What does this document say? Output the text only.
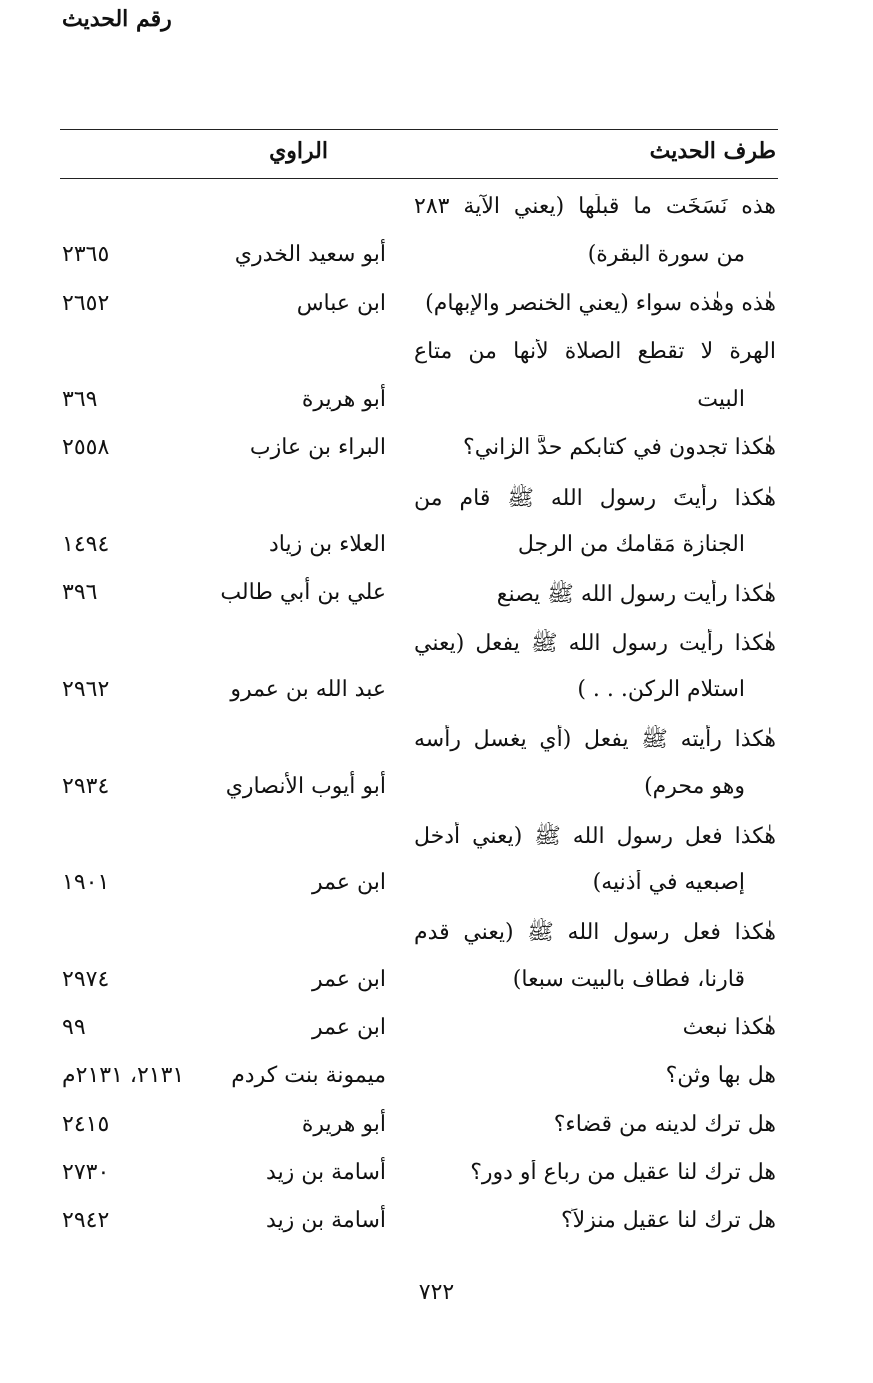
طرف الحديث
الراوي
رقم الحديث
هذه نَسَخَت ما قبلَها (يعني الآية ٢٨٣
من سورة البقرة)
أبو سعيد الخدري
٢٣٦٥
هٰذه وهٰذه سواء (يعني الخنصر والإبهام)
ابن عباس
٢٦٥٢
الهرة لا تقطع الصلاة لأنها من متاع
البيت
أبو هريرة
٣٦٩
هٰكذا تجدون في كتابكم حدَّ الزاني؟
البراء بن عازب
٢٥٥٨
هٰكذا رأيتَ رسول الله ﷺ قام من
الجنازة مَقامك من الرجل
العلاء بن زياد
١٤٩٤
هٰكذا رأيت رسول الله ﷺ يصنع
علي بن أبي طالب
٣٩٦
هٰكذا رأيت رسول الله ﷺ يفعل (يعني
استلام الركن. . . )
عبد الله بن عمرو
٢٩٦٢
هٰكذا رأيته ﷺ يفعل (أي يغسل رأسه
وهو محرم)
أبو أيوب الأنصاري
٢٩٣٤
هٰكذا فعل رسول الله ﷺ (يعني أدخل
إصبعيه في أذنيه)
ابن عمر
١٩٠١
هٰكذا فعل رسول الله ﷺ (يعني قدم
قارنا، فطاف بالبيت سبعا)
ابن عمر
٢٩٧٤
هٰكذا نبعث
ابن عمر
٩٩
هل بها وثن؟
ميمونة بنت كردم
٢١٣١، ٢١٣١م
هل ترك لدينه من قضاء؟
أبو هريرة
٢٤١٥
هل ترك لنا عقيل من رباع أو دور؟
أسامة بن زيد
٢٧٣٠
هل ترك لنا عقيل منزلاً؟
أسامة بن زيد
٢٩٤٢
٧٢٢
